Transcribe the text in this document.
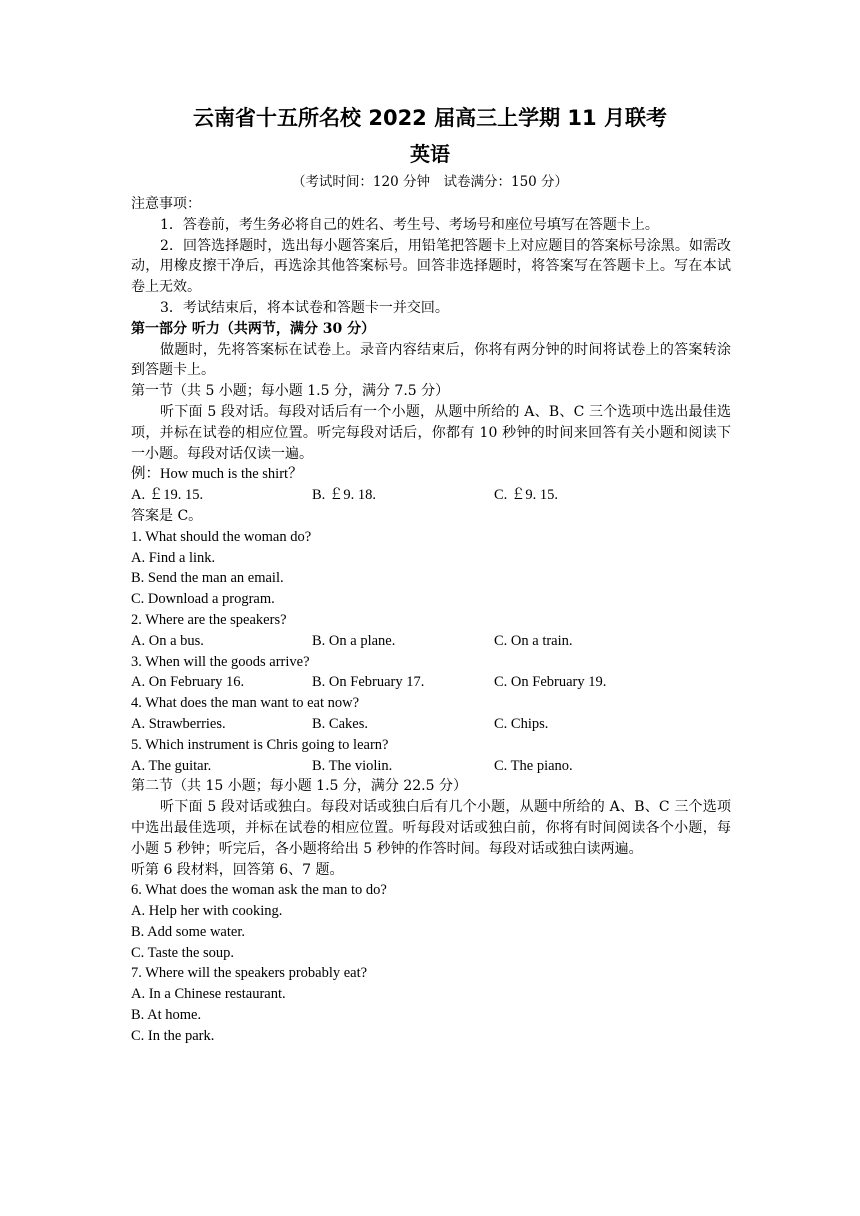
云南省十五所名校 2022 届高三上学期 11 月联考
英语
（考试时间：120 分钟　试卷满分：150 分）
注意事项：
1．答卷前，考生务必将自己的姓名、考生号、考场号和座位号填写在答题卡上。
2．回答选择题时，选出每小题答案后，用铅笔把答题卡上对应题目的答案标号涂黑。如需改动，用橡皮擦干净后，再选涂其他答案标号。回答非选择题时，将答案写在答题卡上。写在本试卷上无效。
3．考试结束后，将本试卷和答题卡一并交回。
第一部分 听力（共两节，满分 30 分）
做题时，先将答案标在试卷上。录音内容结束后，你将有两分钟的时间将试卷上的答案转涂到答题卡上。
第一节（共 5 小题；每小题 1.5 分，满分 7.5 分）
听下面 5 段对话。每段对话后有一个小题，从题中所给的 A、B、C 三个选项中选出最佳选项，并标在试卷的相应位置。听完每段对话后，你都有 10 秒钟的时间来回答有关小题和阅读下一小题。每段对话仅读一遍。
例：How much is the shirt？
A. ￡19. 15.	B. ￡9. 18.	C. ￡9. 15.
答案是 C。
1. What should the woman do?
A. Find a link.
B. Send the man an email.
C. Download a program.
2. Where are the speakers?
A. On a bus.	B. On a plane.	C. On a train.
3. When will the goods arrive?
A. On February 16.	B. On February 17.	C. On February 19.
4. What does the man want to eat now?
A. Strawberries.	B. Cakes.	C. Chips.
5. Which instrument is Chris going to learn?
A. The guitar.	B. The violin.	C. The piano.
第二节（共 15 小题；每小题 1.5 分，满分 22.5 分）
听下面 5 段对话或独白。每段对话或独白后有几个小题，从题中所给的 A、B、C 三个选项中选出最佳选项，并标在试卷的相应位置。听每段对话或独白前，你将有时间阅读各个小题，每小题 5 秒钟；听完后，各小题将给出 5 秒钟的作答时间。每段对话或独白读两遍。
听第 6 段材料，回答第 6、7 题。
6. What does the woman ask the man to do?
A. Help her with cooking.
B. Add some water.
C. Taste the soup.
7. Where will the speakers probably eat?
A. In a Chinese restaurant.
B. At home.
C. In the park.
